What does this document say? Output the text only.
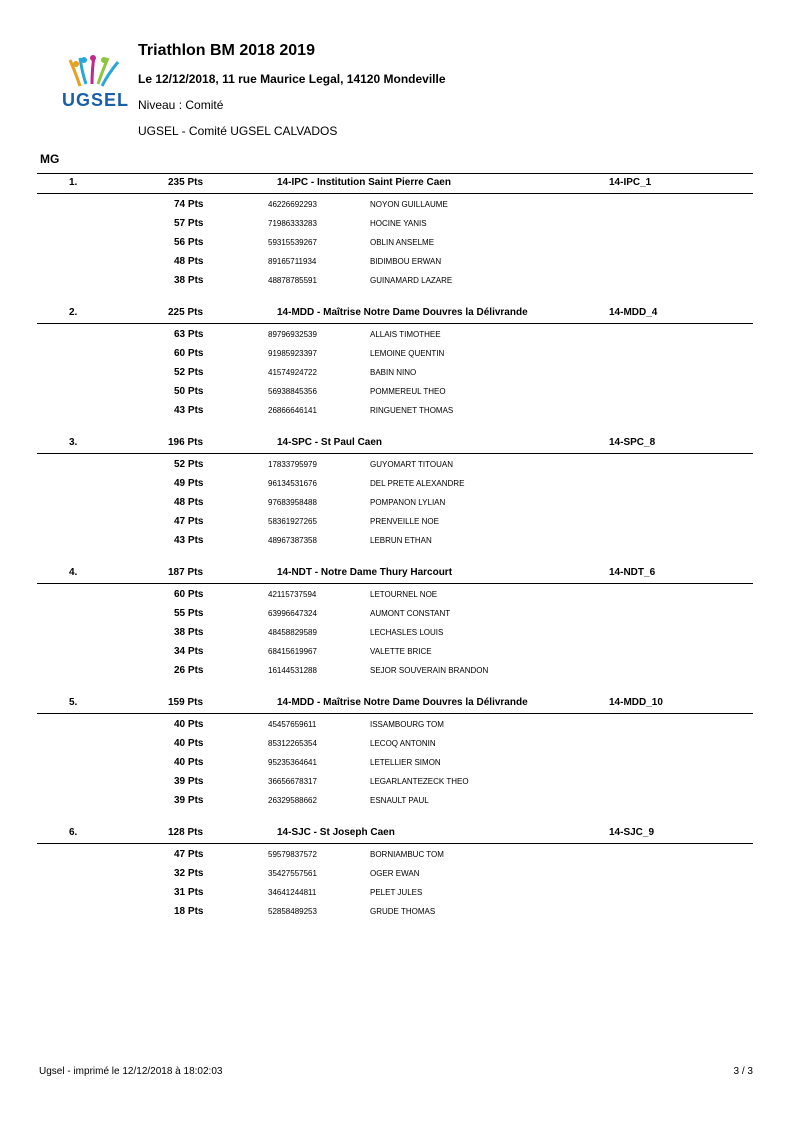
UGSEL
Triathlon BM 2018 2019
Le 12/12/2018, 11 rue Maurice Legal, 14120 Mondeville
Niveau : Comité
UGSEL - Comité UGSEL CALVADOS
MG
1.	235 Pts	14-IPC - Institution Saint Pierre Caen	14-IPC_1
74 Pts	46226692293	NOYON GUILLAUME
57 Pts	71986333283	HOCINE YANIS
56 Pts	59315539267	OBLIN ANSELME
48 Pts	89165711934	BIDIMBOU ERWAN
38 Pts	48878785591	GUINAMARD LAZARE
2.	225 Pts	14-MDD - Maîtrise Notre Dame Douvres la Délivrande	14-MDD_4
63 Pts	89796932539	ALLAIS TIMOTHEE
60 Pts	91985923397	LEMOINE QUENTIN
52 Pts	41574924722	BABIN NINO
50 Pts	56938845356	POMMEREUL THEO
43 Pts	26866646141	RINGUENET THOMAS
3.	196 Pts	14-SPC - St Paul Caen	14-SPC_8
52 Pts	17833795979	GUYOMART TITOUAN
49 Pts	96134531676	DEL PRETE ALEXANDRE
48 Pts	97683958488	POMPANON LYLIAN
47 Pts	58361927265	PRENVEILLE NOE
43 Pts	48967387358	LEBRUN ETHAN
4.	187 Pts	14-NDT - Notre Dame Thury Harcourt	14-NDT_6
60 Pts	42115737594	LETOURNEL NOE
55 Pts	63996647324	AUMONT CONSTANT
38 Pts	48458829589	LECHASLES LOUIS
34 Pts	68415619967	VALETTE BRICE
26 Pts	16144531288	SEJOR SOUVERAIN BRANDON
5.	159 Pts	14-MDD - Maîtrise Notre Dame Douvres la Délivrande	14-MDD_10
40 Pts	45457659611	ISSAMBOURG TOM
40 Pts	85312265354	LECOQ ANTONIN
40 Pts	95235364641	LETELLIER SIMON
39 Pts	36656678317	LEGARLANTEZECK THEO
39 Pts	26329588662	ESNAULT PAUL
6.	128 Pts	14-SJC - St Joseph Caen	14-SJC_9
47 Pts	59579837572	BORNIAMBUC TOM
32 Pts	35427557561	OGER EWAN
31 Pts	34641244811	PELET JULES
18 Pts	52858489253	GRUDE THOMAS
Ugsel - imprimé le 12/12/2018 à 18:02:03	3 / 3
